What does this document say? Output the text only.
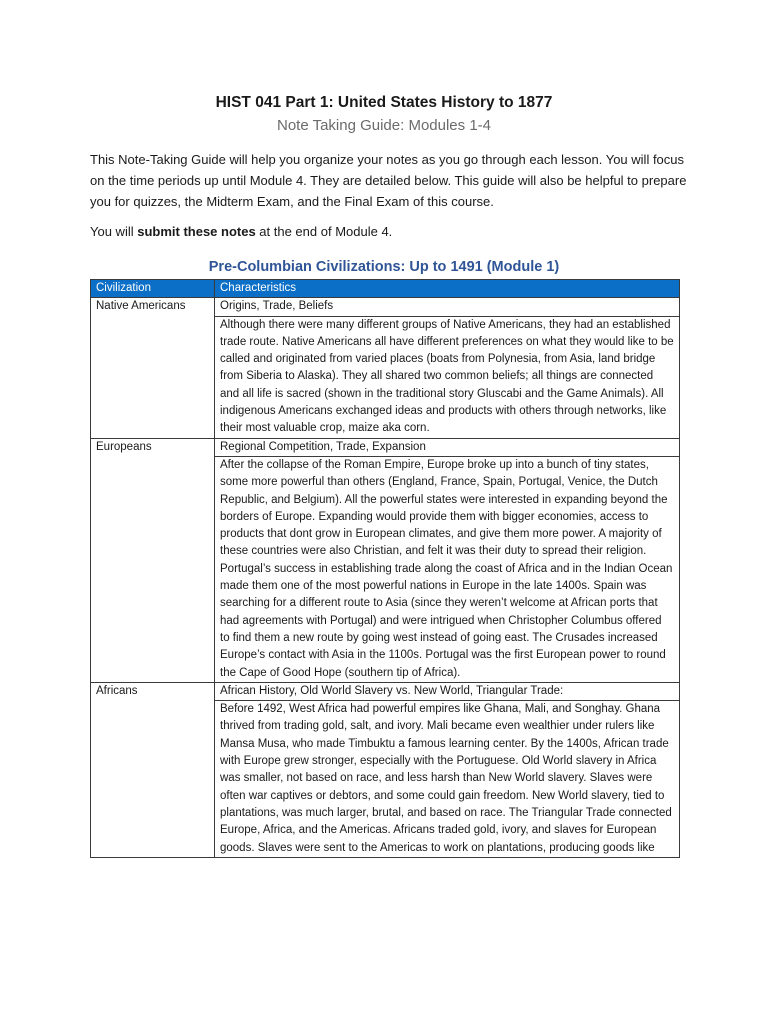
HIST 041 Part 1: United States History to 1877
Note Taking Guide: Modules 1-4

This Note-Taking Guide will help you organize your notes as you go through each lesson. You will focus on the time periods up until Module 4. They are detailed below. This guide will also be helpful to prepare you for quizzes, the Midterm Exam, and the Final Exam of this course.

You will submit these notes at the end of Module 4.

Pre-Columbian Civilizations: Up to 1491 (Module 1)
Civilization	Characteristics
Native Americans	Origins, Trade, Beliefs
	Although there were many different groups of Native Americans, they had an established trade route. Native Americans all have different preferences on what they would like to be called and originated from varied places (boats from Polynesia, from Asia, land bridge from Siberia to Alaska). They all shared two common beliefs; all things are connected and all life is sacred (shown in the traditional story Gluscabi and the Game Animals). All indigenous Americans exchanged ideas and products with others through networks, like their most valuable crop, maize aka corn.
Europeans	Regional Competition, Trade, Expansion
	After the collapse of the Roman Empire, Europe broke up into a bunch of tiny states, some more powerful than others (England, France, Spain, Portugal, Venice, the Dutch Republic, and Belgium). All the powerful states were interested in expanding beyond the borders of Europe. Expanding would provide them with bigger economies, access to products that dont grow in European climates, and give them more power. A majority of these countries were also Christian, and felt it was their duty to spread their religion. Portugal’s success in establishing trade along the coast of Africa and in the Indian Ocean made them one of the most powerful nations in Europe in the late 1400s. Spain was searching for a different route to Asia (since they weren’t welcome at African ports that had agreements with Portugal) and were intrigued when Christopher Columbus offered to find them a new route by going west instead of going east. The Crusades increased Europe’s contact with Asia in the 1100s. Portugal was the first European power to round the Cape of Good Hope (southern tip of Africa).
Africans	African History, Old World Slavery vs. New World, Triangular Trade:
	Before 1492, West Africa had powerful empires like Ghana, Mali, and Songhay. Ghana thrived from trading gold, salt, and ivory. Mali became even wealthier under rulers like Mansa Musa, who made Timbuktu a famous learning center. By the 1400s, African trade with Europe grew stronger, especially with the Portuguese. Old World slavery in Africa was smaller, not based on race, and less harsh than New World slavery. Slaves were often war captives or debtors, and some could gain freedom. New World slavery, tied to plantations, was much larger, brutal, and based on race. The Triangular Trade connected Europe, Africa, and the Americas. Africans traded gold, ivory, and slaves for European goods. Slaves were sent to the Americas to work on plantations, producing goods like
